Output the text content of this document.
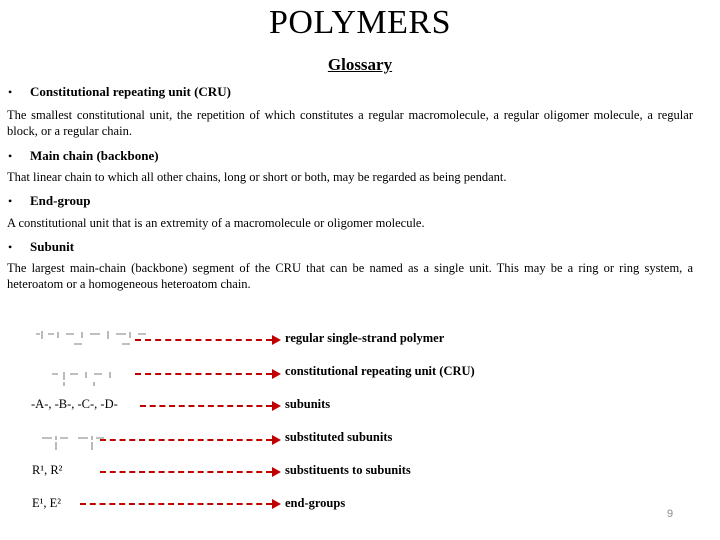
POLYMERS
Glossary
•	Constitutional repeating unit (CRU)
The smallest constitutional unit, the repetition of which constitutes a regular macromolecule, a regular oligomer molecule, a regular block, or a regular chain.
•	Main chain (backbone)
That linear chain to which all other chains, long or short or both, may be regarded as being pendant.
•	End-group
A constitutional unit that is an extremity of a macromolecule or oligomer molecule.
•	Subunit
The largest main-chain (backbone) segment of the CRU that can be named as a single unit. This may be a ring or ring system, a heteroatom or a homogeneous heteroatom chain.
-A-, -B-, -C-, -D-
R¹, R²
E¹, E²
regular single-strand polymer
constitutional repeating unit (CRU)
subunits
substituted subunits
substituents to subunits
end-groups
9
